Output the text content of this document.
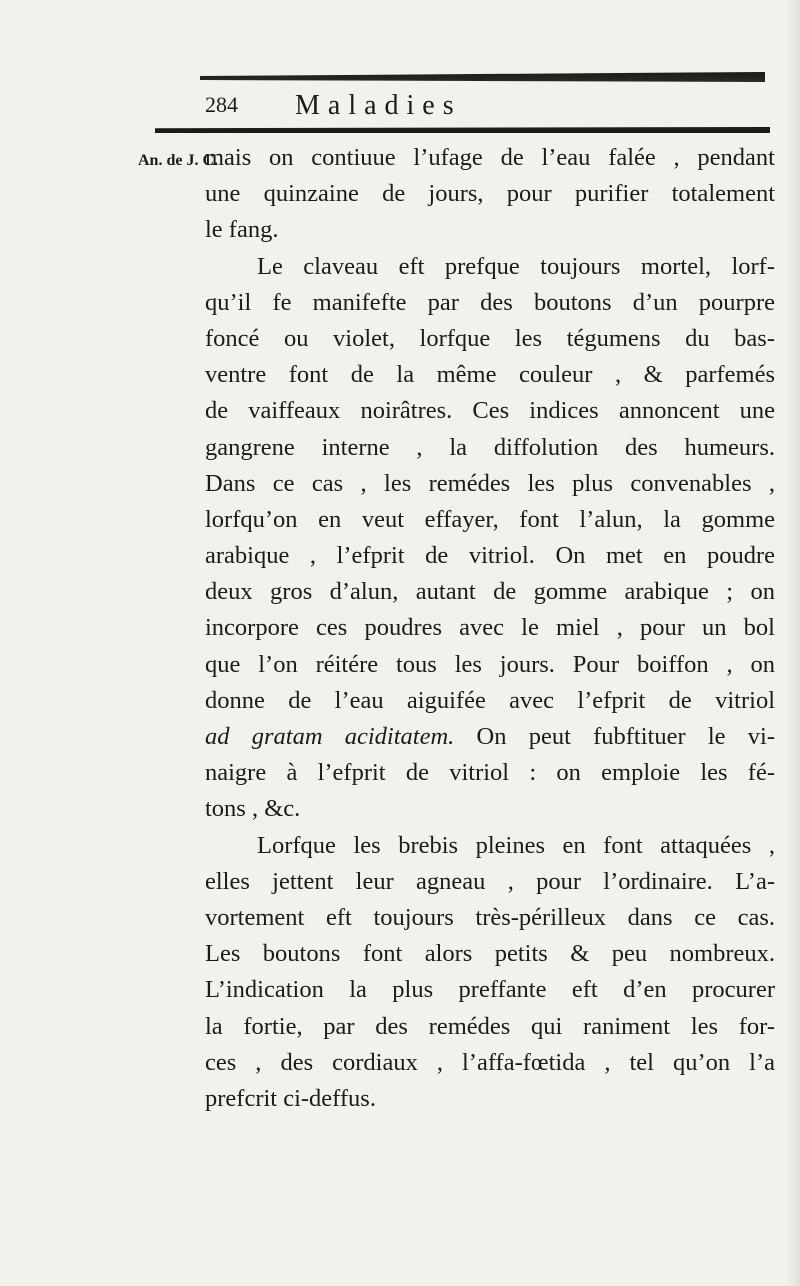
284 Maladies
An. de J. C.
mais on contiuue l’ufage de l’eau falée , pendant
une quinzaine de jours, pour purifier totalement
le fang.
Le claveau eft prefque toujours mortel, lorf-
qu’il fe manifefte par des boutons d’un pourpre
foncé ou violet, lorfque les tégumens du bas-
ventre font de la même couleur , & parfemés
de vaiffeaux noirâtres. Ces indices annoncent une
gangrene interne , la diffolution des humeurs.
Dans ce cas , les remédes les plus convenables ,
lorfqu’on en veut effayer, font l’alun, la gomme
arabique , l’efprit de vitriol. On met en poudre
deux gros d’alun, autant de gomme arabique ; on
incorpore ces poudres avec le miel , pour un bol
que l’on réitére tous les jours. Pour boiffon , on
donne de l’eau aiguifée avec l’efprit de vitriol
ad gratam aciditatem. On peut fubftituer le vi-
naigre à l’efprit de vitriol : on emploie les fé-
tons , &c.
Lorfque les brebis pleines en font attaquées ,
elles jettent leur agneau , pour l’ordinaire. L’a-
vortement eft toujours très-périlleux dans ce cas.
Les boutons font alors petits & peu nombreux.
L’indication la plus preffante eft d’en procurer
la fortie, par des remédes qui raniment les for-
ces , des cordiaux , l’affa-fœtida , tel qu’on l’a
prefcrit ci-deffus.
